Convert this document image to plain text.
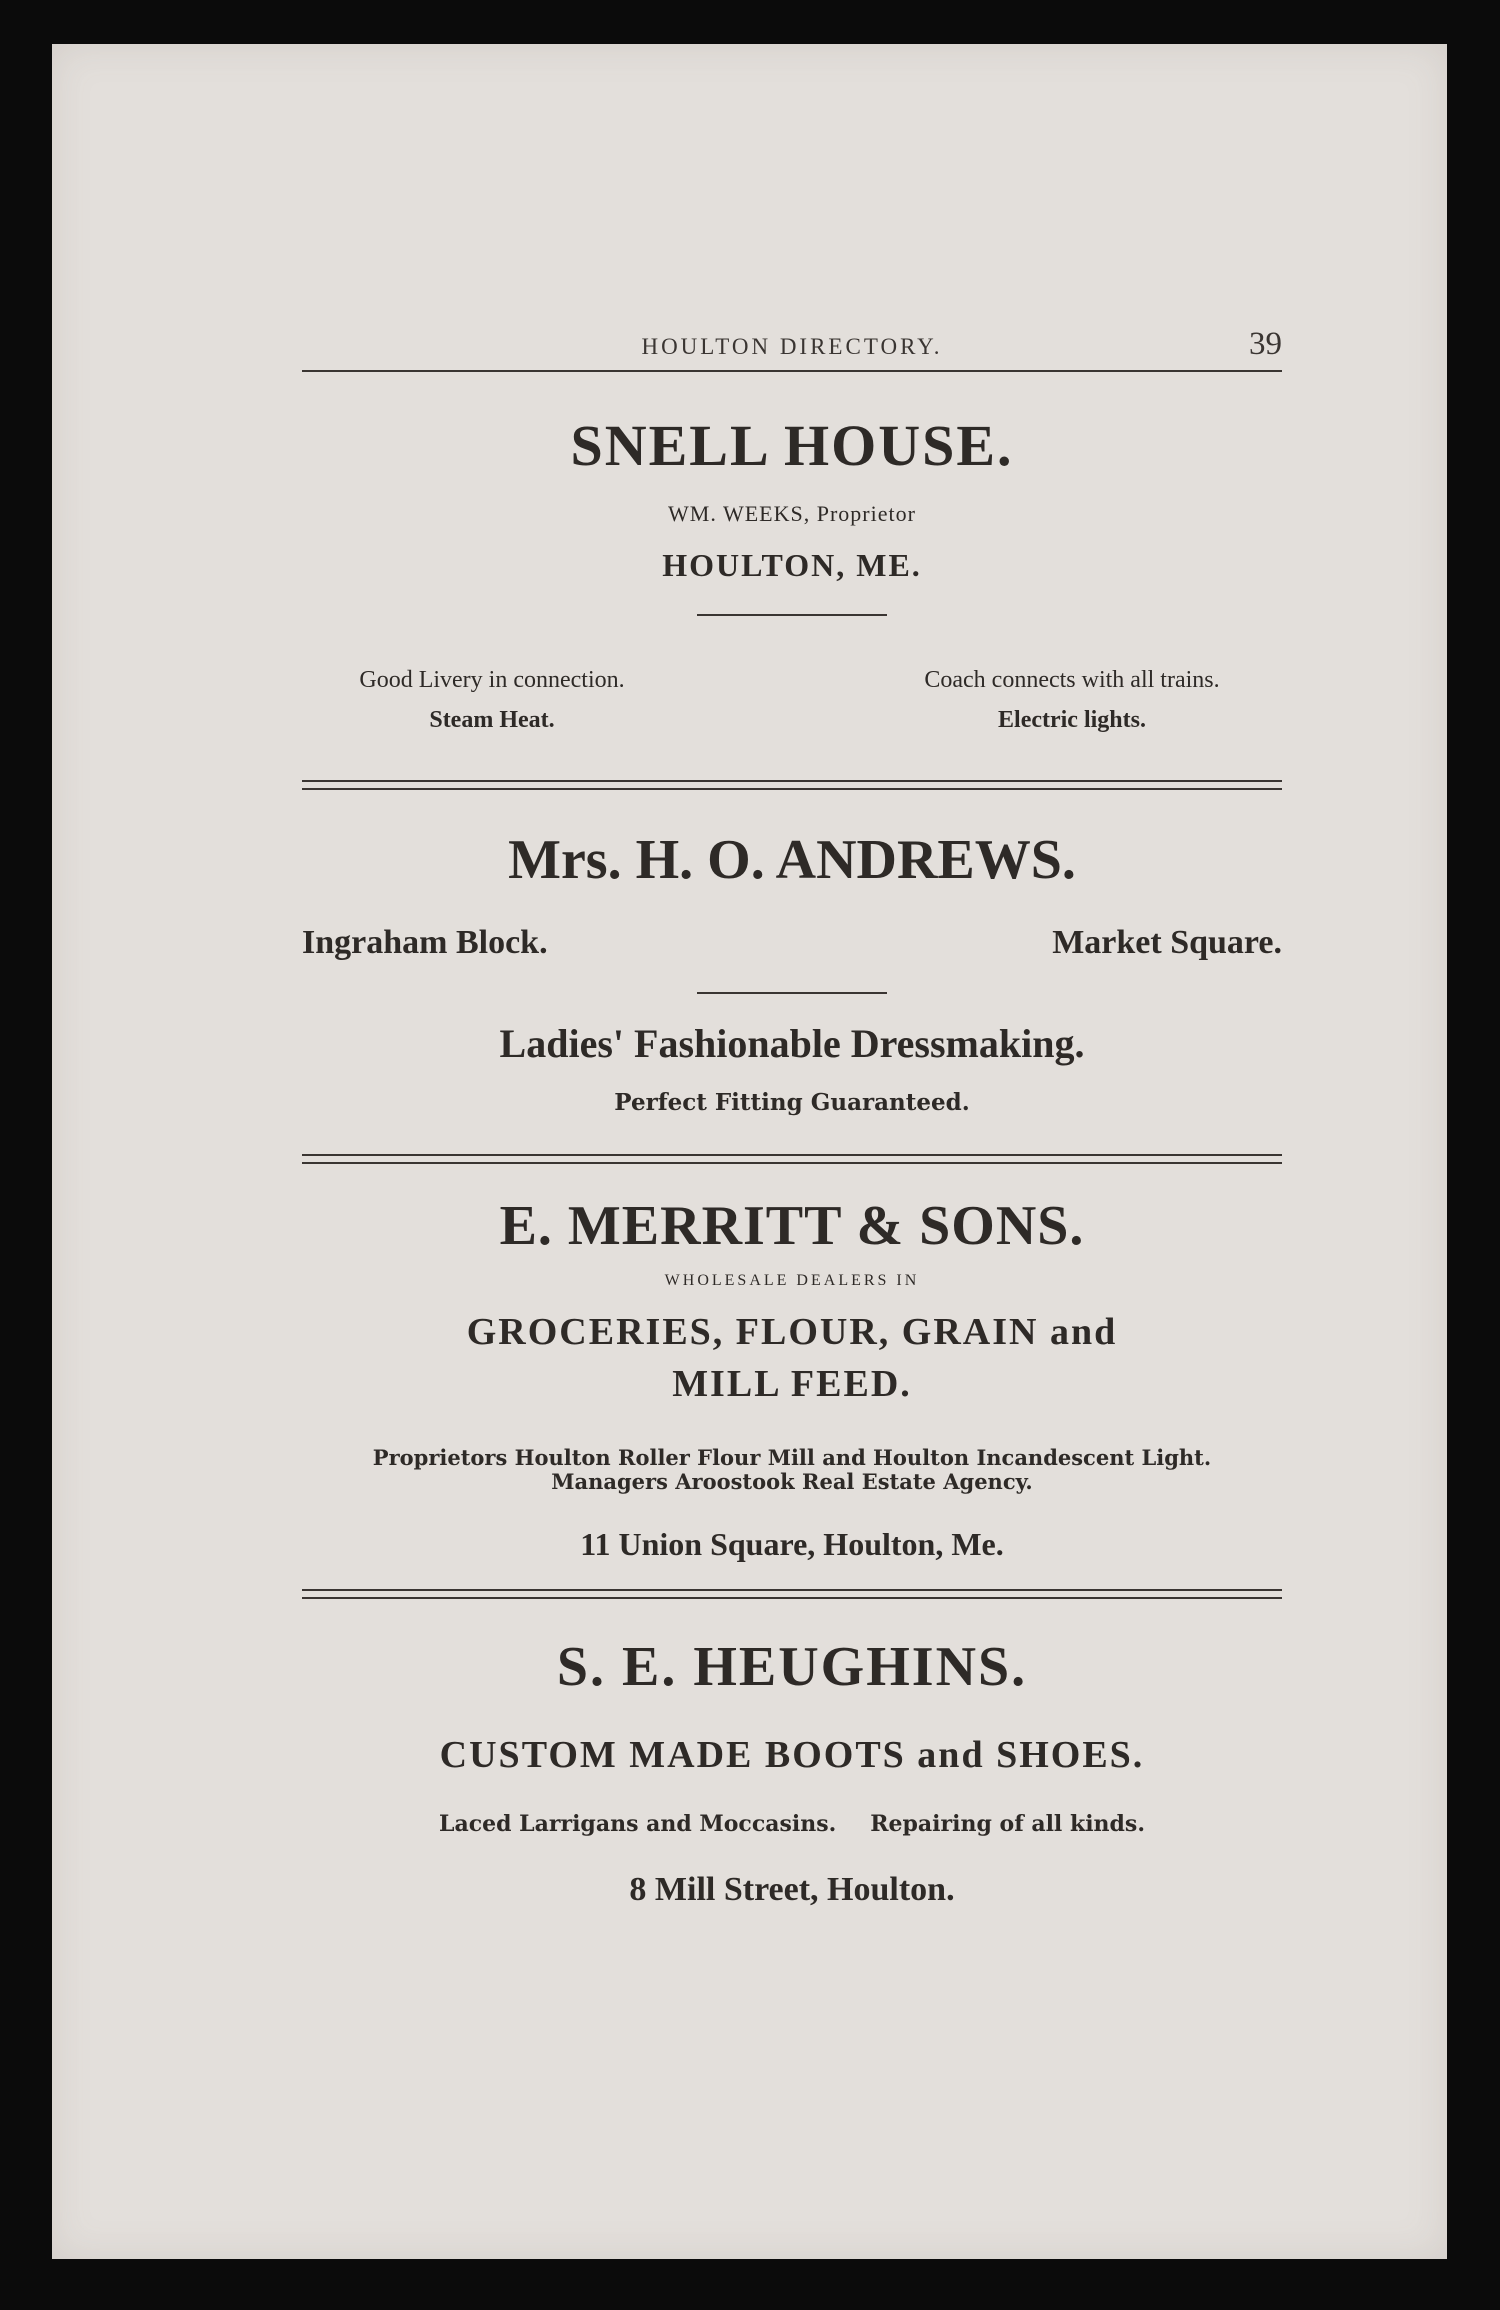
HOULTON DIRECTORY.	39
SNELL HOUSE.
WM. WEEKS, Proprietor
HOULTON, ME.
Good Livery in connection.
Steam Heat.
Coach connects with all trains.
Electric lights.
Mrs. H. O. ANDREWS.
Ingraham Block.	Market Square.
Ladies' Fashionable Dressmaking.
Perfect Fitting Guaranteed.
E. MERRITT & SONS.
WHOLESALE DEALERS IN
GROCERIES, FLOUR, GRAIN and
MILL FEED.
Proprietors Houlton Roller Flour Mill and Houlton Incandescent Light.
Managers Aroostook Real Estate Agency.
11 Union Square, Houlton, Me.
S. E. HEUGHINS.
CUSTOM MADE BOOTS and SHOES.
Laced Larrigans and Moccasins. Repairing of all kinds.
8 Mill Street, Houlton.
